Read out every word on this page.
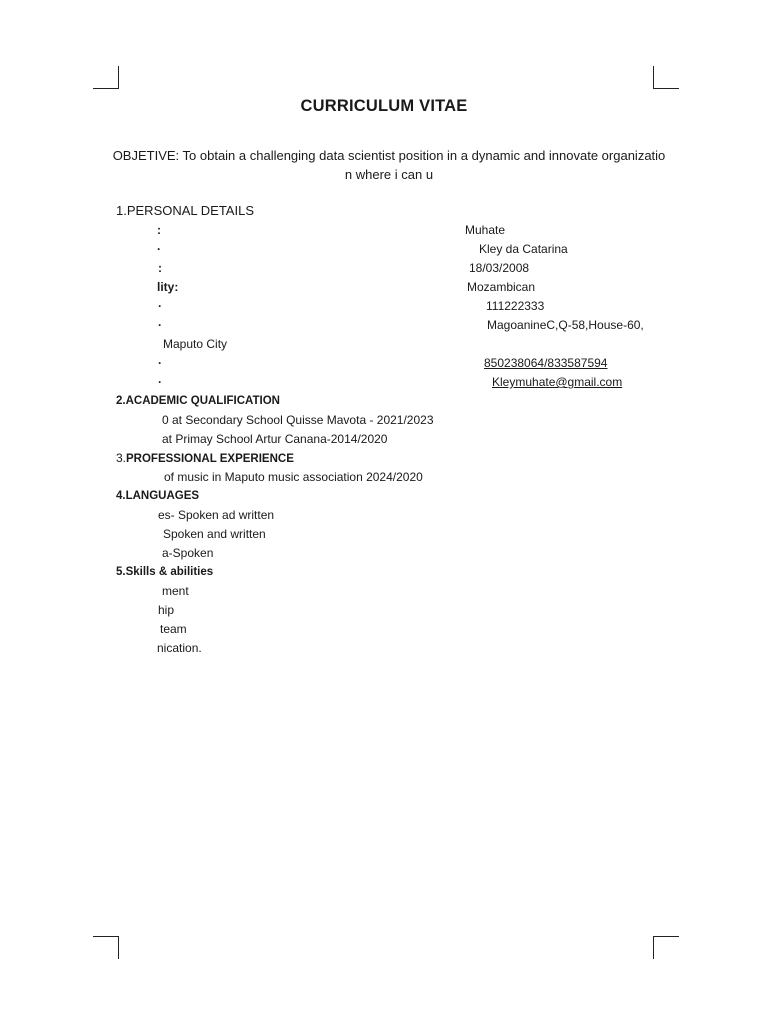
CURRICULUM VITAE
OBJETIVE: To obtain a challenging data scientist position in a dynamic and innovate organization where i can u
1.PERSONAL DETAILS
:	Muhate
·	Kley da Catarina
:	18/03/2008
lity:	Mozambican
·	111222333
·	MagoanineC,Q-58,House-60,
Maputo City
·	850238064/833587594
·	Kleymuhate@gmail.com
2.ACADEMIC QUALIFICATION
0 at Secondary School Quisse Mavota - 2021/2023
at Primay School Artur Canana-2014/2020
3.PROFESSIONAL EXPERIENCE
of music in Maputo music association 2024/2020
4.LANGUAGES
es- Spoken ad written
Spoken and written
a-Spoken
5.Skills & abilities
ment
hip
team
nication.
